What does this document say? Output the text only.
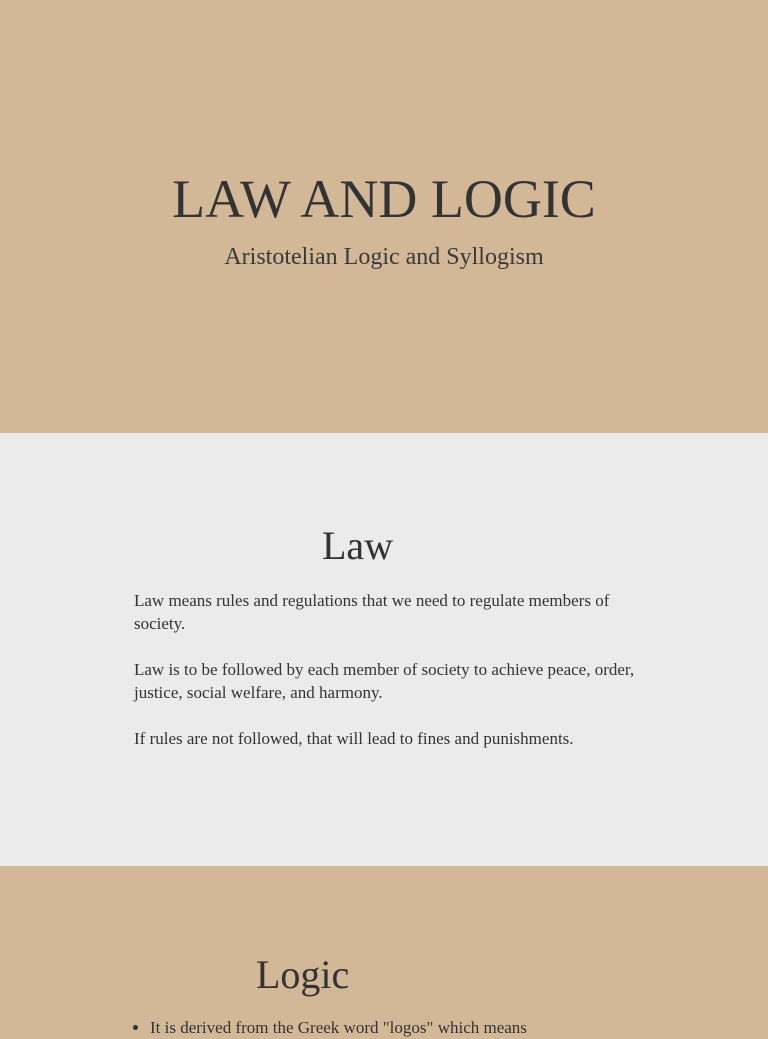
LAW AND LOGIC
Aristotelian Logic and Syllogism
Law

Law means rules and regulations that we need to regulate members of society.

Law is to be followed by each member of society to achieve peace, order, justice, social welfare, and harmony.

If rules are not followed, that will lead to fines and punishments.

Logic
• It is derived from the Greek word "logos" which means
